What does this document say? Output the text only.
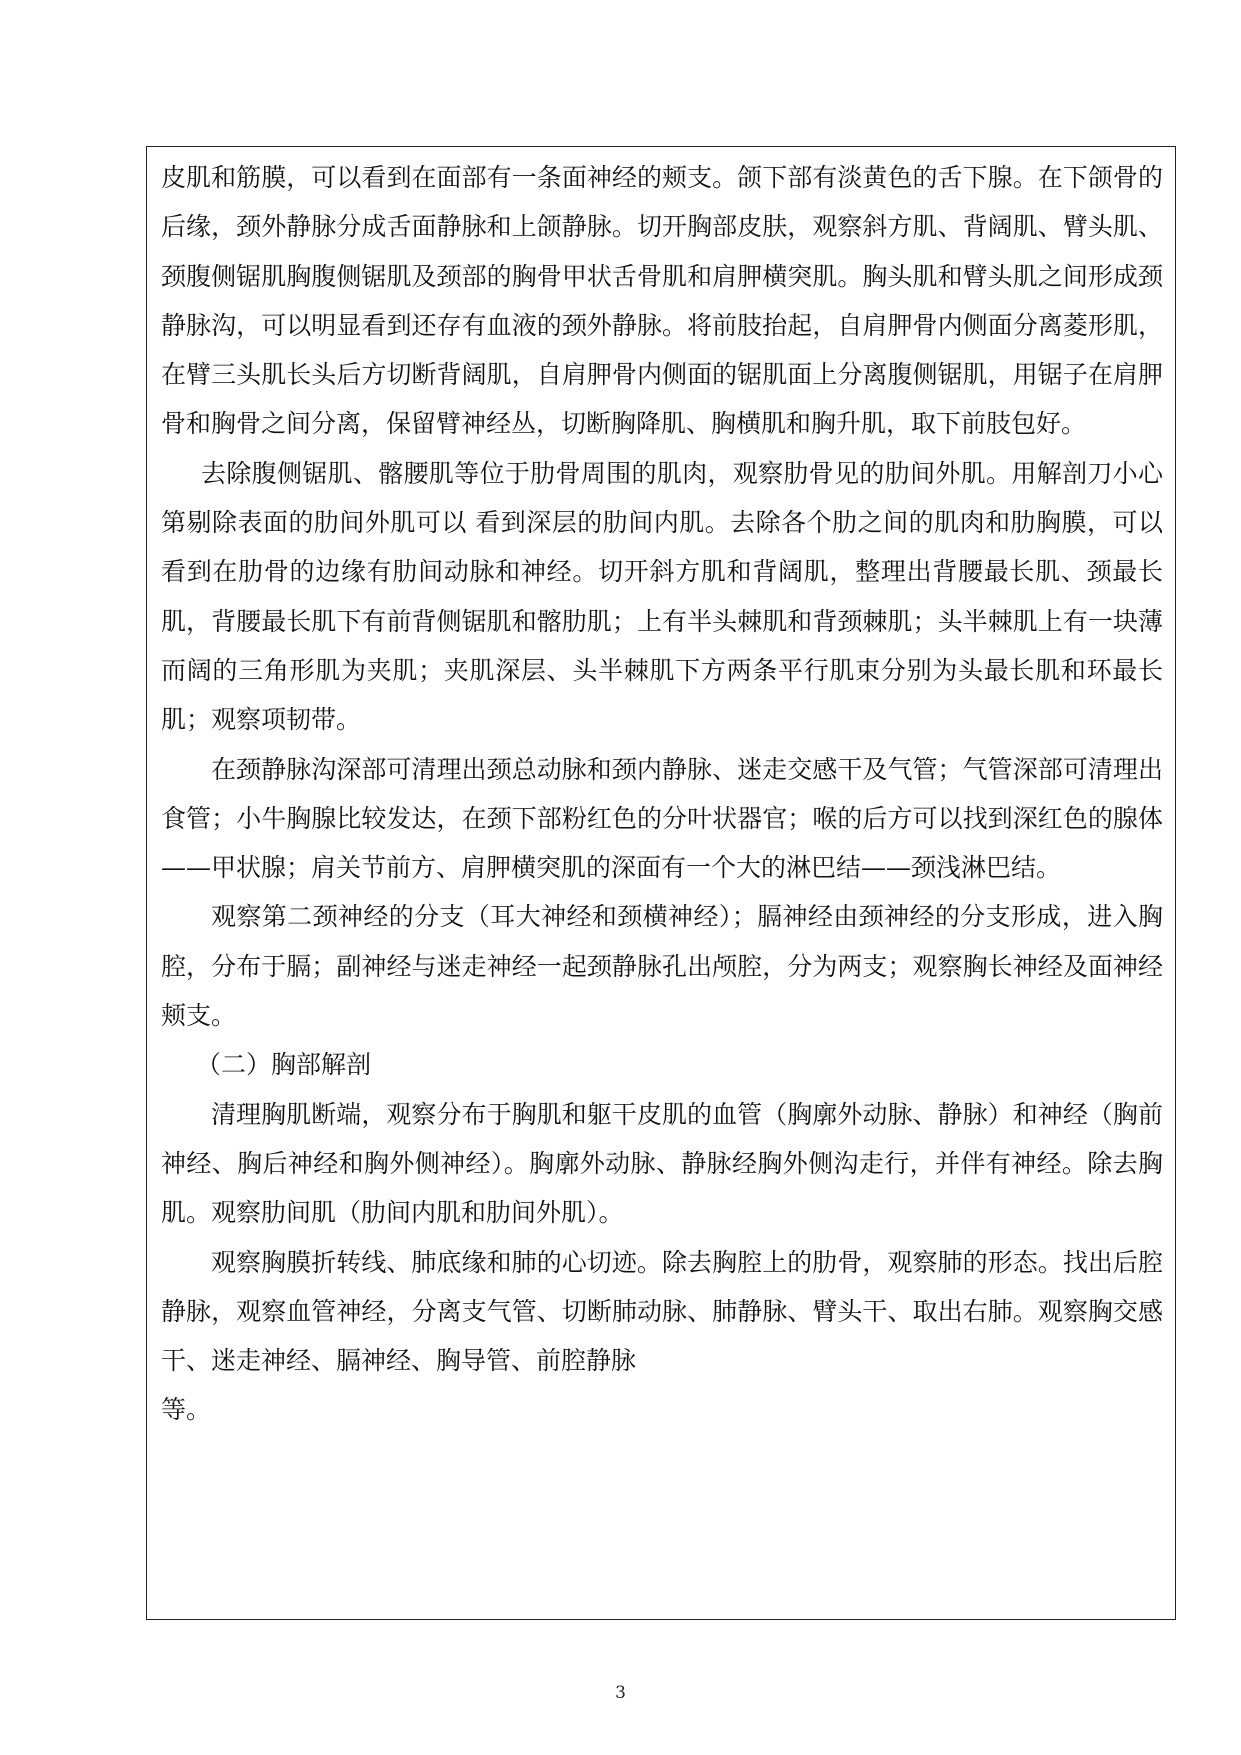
皮肌和筋膜，可以看到在面部有一条面神经的颊支。颌下部有淡黄色的舌下腺。在下颌骨的后缘，颈外静脉分成舌面静脉和上颌静脉。切开胸部皮肤，观察斜方肌、背阔肌、臂头肌、颈腹侧锯肌胸腹侧锯肌及颈部的胸骨甲状舌骨肌和肩胛横突肌。胸头肌和臂头肌之间形成颈静脉沟，可以明显看到还存有血液的颈外静脉。将前肢抬起，自肩胛骨内侧面分离菱形肌，在臂三头肌长头后方切断背阔肌，自肩胛骨内侧面的锯肌面上分离腹侧锯肌，用锯子在肩胛骨和胸骨之间分离，保留臂神经丛，切断胸降肌、胸横肌和胸升肌，取下前肢包好。

去除腹侧锯肌、髂腰肌等位于肋骨周围的肌肉，观察肋骨见的肋间外肌。用解剖刀小心第剔除表面的肋间外肌可以 看到深层的肋间内肌。去除各个肋之间的肌肉和肋胸膜，可以看到在肋骨的边缘有肋间动脉和神经。切开斜方肌和背阔肌，整理出背腰最长肌、颈最长肌，背腰最长肌下有前背侧锯肌和髂肋肌；上有半头棘肌和背颈棘肌；头半棘肌上有一块薄而阔的三角形肌为夹肌；夹肌深层、头半棘肌下方两条平行肌束分别为头最长肌和环最长肌；观察项韧带。

在颈静脉沟深部可清理出颈总动脉和颈内静脉、迷走交感干及气管；气管深部可清理出食管；小牛胸腺比较发达，在颈下部粉红色的分叶状器官；喉的后方可以找到深红色的腺体——甲状腺；肩关节前方、肩胛横突肌的深面有一个大的淋巴结——颈浅淋巴结。

观察第二颈神经的分支（耳大神经和颈横神经）；膈神经由颈神经的分支形成，进入胸腔，分布于膈；副神经与迷走神经一起颈静脉孔出颅腔，分为两支；观察胸长神经及面神经颊支。

（二）胸部解剖

清理胸肌断端，观察分布于胸肌和躯干皮肌的血管（胸廓外动脉、静脉）和神经（胸前神经、胸后神经和胸外侧神经）。胸廓外动脉、静脉经胸外侧沟走行，并伴有神经。除去胸肌。观察肋间肌（肋间内肌和肋间外肌）。

观察胸膜折转线、肺底缘和肺的心切迹。除去胸腔上的肋骨，观察肺的形态。找出后腔静脉，观察血管神经，分离支气管、切断肺动脉、肺静脉、臂头干、取出右肺。观察胸交感干、迷走神经、膈神经、胸导管、前腔静脉

等。

3
